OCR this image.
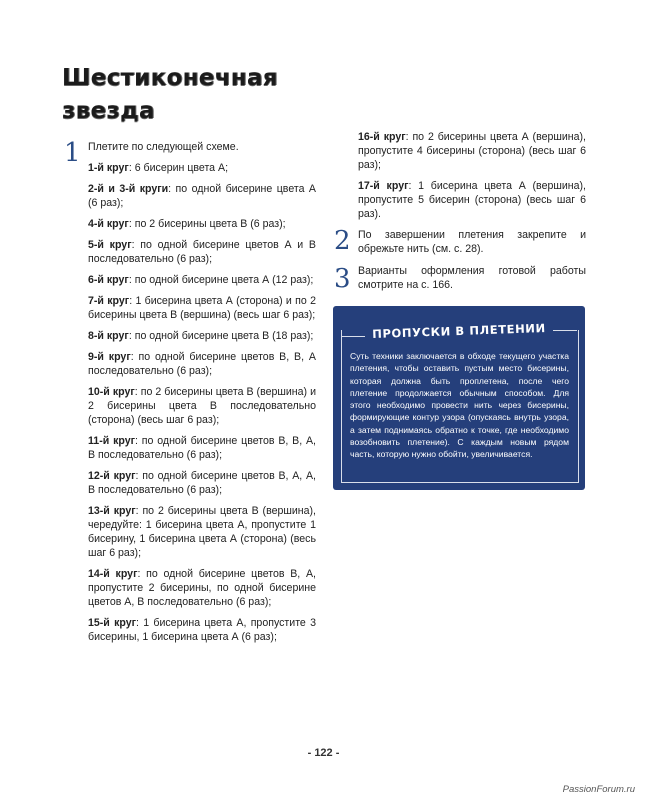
Шестиконечная звезда
1 Плетите по следующей схеме.

1-й круг: 6 бисерин цвета А;

2-й и 3-й круги: по одной бисерине цвета А (6 раз);

4-й круг: по 2 бисерины цвета В (6 раз);

5-й круг: по одной бисерине цветов А и В последовательно (6 раз);

6-й круг: по одной бисерине цвета А (12 раз);

7-й круг: 1 бисерина цвета А (сторона) и по 2 бисерины цвета В (вершина) (весь шаг 6 раз);

8-й круг: по одной бисерине цвета В (18 раз);

9-й круг: по одной бисерине цветов В, В, А последовательно (6 раз);

10-й круг: по 2 бисерины цвета В (вершина) и 2 бисерины цвета В последовательно (сторона) (весь шаг 6 раз);

11-й круг: по одной бисерине цветов В, В, А, В последовательно (6 раз);

12-й круг: по одной бисерине цветов В, А, А, В последовательно (6 раз);

13-й круг: по 2 бисерины цвета В (вершина), чередуйте: 1 бисерина цвета А, пропустите 1 бисерину, 1 бисерина цвета А (сторона) (весь шаг 6 раз);

14-й круг: по одной бисерине цветов В, А, пропустите 2 бисерины, по одной бисерине цветов А, В последовательно (6 раз);

15-й круг: 1 бисерина цвета А, пропустите 3 бисерины, 1 бисерина цвета А (6 раз);

16-й круг: по 2 бисерины цвета А (вершина), пропустите 4 бисерины (сторона) (весь шаг 6 раз);

17-й круг: 1 бисерина цвета А (вершина), пропустите 5 бисерин (сторона) (весь шаг 6 раз).

2 По завершении плетения закрепите и обрежьте нить (см. с. 28).
3 Варианты оформления готовой работы смотрите на с. 166.
ПРОПУСКИ В ПЛЕТЕНИИ
Суть техники заключается в обходе текущего участка плетения, чтобы оставить пустым место бисерины, которая должна быть проплетена, после чего плетение продолжается обычным способом. Для этого необходимо провести нить через бисерины, формирующие контур узора (опускаясь внутрь узора, а затем поднимаясь обратно к точке, где необходимо возобновить плетение). С каждым новым рядом часть, которую нужно обойти, увеличивается.
- 122 -
PassionForum.ru
